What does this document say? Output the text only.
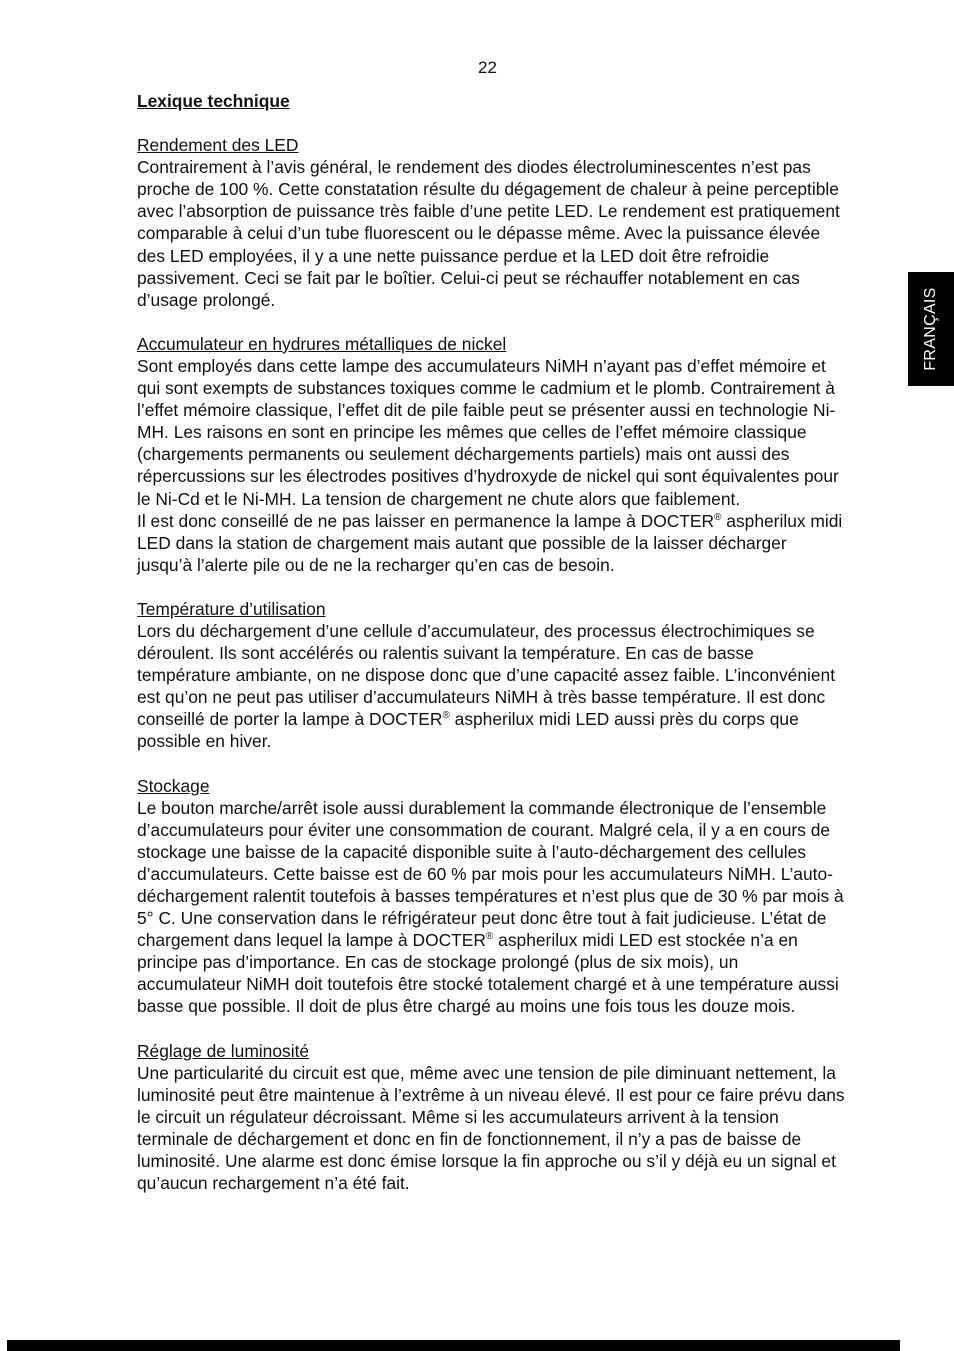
22
FRANÇAIS
Lexique technique
Rendement des LED

Contrairement à l’avis général, le rendement des diodes électroluminescentes n’est pas proche de 100 %. Cette constatation résulte du dégagement de chaleur à peine perceptible avec l’absorption de puissance très faible d’une petite LED. Le rendement est pratiquement comparable à celui d’un tube fluorescent ou le dépasse même. Avec la puissance élevée des LED employées, il y a une nette puissance perdue et la LED doit être refroidie passivement. Ceci se fait par le boîtier. Celui-ci peut se réchauffer notablement en cas d’usage prolongé.

Accumulateur en hydrures métalliques de nickel

Sont employés dans cette lampe des accumulateurs NiMH n’ayant pas d’effet mémoire et qui sont exempts de substances toxiques comme le cadmium et le plomb. Contrairement à l’effet mémoire classique, l’effet dit de pile faible peut se présenter aussi en technologie Ni-MH. Les raisons en sont en principe les mêmes que celles de l’effet mémoire classique (chargements permanents ou seulement déchargements partiels) mais ont aussi des répercussions sur les électrodes positives d’hydroxyde de nickel qui sont équivalentes pour le Ni-Cd et le Ni-MH. La tension de chargement ne chute alors que faiblement.

Il est donc conseillé de ne pas laisser en permanence la lampe à DOCTER® aspherilux midi LED dans la station de chargement mais autant que possible de la laisser décharger jusqu’à l’alerte pile ou de ne la recharger qu’en cas de besoin.

Température d’utilisation

Lors du déchargement d’une cellule d’accumulateur, des processus électrochimiques se déroulent. Ils sont accélérés ou ralentis suivant la température. En cas de basse température ambiante, on ne dispose donc que d’une capacité assez faible. L’inconvénient est qu’on ne peut pas utiliser d’accumulateurs NiMH à très basse température. Il est donc conseillé de porter la lampe à DOCTER® aspherilux midi LED aussi près du corps que possible en hiver.

Stockage

Le bouton marche/arrêt isole aussi durablement la commande électronique de l’ensemble d’accumulateurs pour éviter une consommation de courant. Malgré cela, il y a en cours de stockage une baisse de la capacité disponible suite à l’auto-déchargement des cellules d’accumulateurs. Cette baisse est de 60 % par mois pour les accumulateurs NiMH. L’auto-déchargement ralentit toutefois à basses températures et n’est plus que de 30 % par mois à 5° C. Une conservation dans le réfrigérateur peut donc être tout à fait judicieuse. L’état de chargement dans lequel la lampe à DOCTER® aspherilux midi LED est stockée n’a en principe pas d’importance. En cas de stockage prolongé (plus de six mois), un accumulateur NiMH doit toutefois être stocké totalement chargé et à une température aussi basse que possible. Il doit de plus être chargé au moins une fois tous les douze mois.

Réglage de luminosité

Une particularité du circuit est que, même avec une tension de pile diminuant nettement, la luminosité peut être maintenue à l’extrême à un niveau élevé. Il est pour ce faire prévu dans le circuit un régulateur décroissant. Même si les accumulateurs arrivent à la tension terminale de déchargement et donc en fin de fonctionnement, il n’y a pas de baisse de luminosité. Une alarme est donc émise lorsque la fin approche ou s’il y déjà eu un signal et qu’aucun rechargement n’a été fait.
